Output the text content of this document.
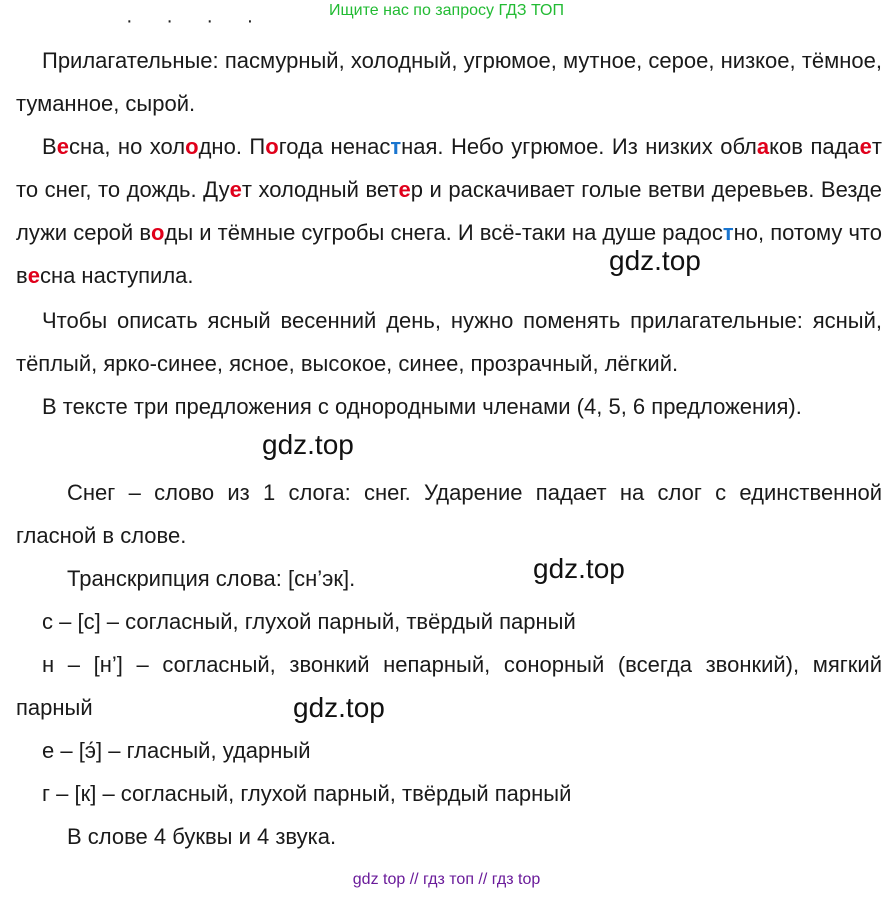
Ищите нас по запросу ГДЗ ТОП
· · · ·

Прилагательные: пасмурный, холодный, угрюмое, мутное, серое, низкое, тёмное, туманное, сырой.

Весна, но холодно. Погода ненастная. Небо угрюмое. Из низких облаков падает то снег, то дождь. Дует холодный ветер и раскачивает голые ветви деревьев. Везде лужи серой воды и тёмные сугробы снега. И всё-таки на душе радостно, потому что весна наступила.	gdz.top

Чтобы описать ясный весенний день, нужно поменять прилагательные: ясный, тёплый, ярко-синее, ясное, высокое, синее, прозрачный, лёгкий.

В тексте три предложения с однородными членами (4, 5, 6 предложения).

gdz.top

Снег – слово из 1 слога: снег. Ударение падает на слог с единственной гласной в слове.

Транскрипция слова: [сн’эк].	gdz.top
с – [с] – согласный, глухой парный, твёрдый парный

н – [н’] – согласный, звонкий непарный, сонорный (всегда звонкий), мягкий парный	gdz.top
е – [э́] – гласный, ударный
г – [к] – согласный, глухой парный, твёрдый парный
В слове 4 буквы и 4 звука.
gdz top // гдз топ // гдз top
